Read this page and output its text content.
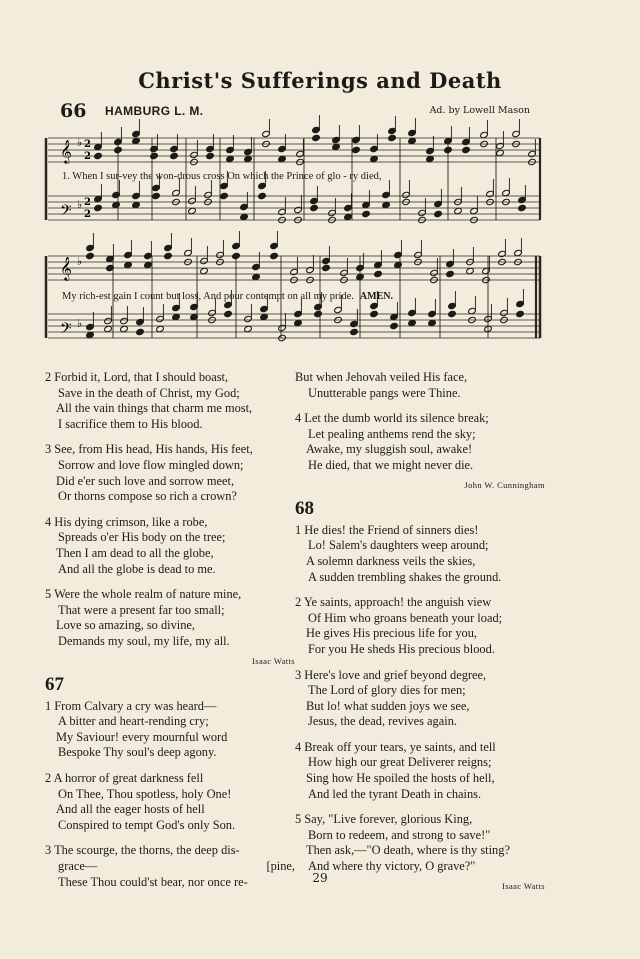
Christ's Sufferings and Death
66 HAMBURG L. M.	Ad. by Lowell Mason
𝄞
𝄢
𝄞
𝄢
♭
♭
♭
♭
2
2
2
2
1. When I sur-vey the won-drous cross On which the Prince of glo - ry died,
My rich-est gain I count but loss, And pour contempt on all my pride. AMEN.
2 Forbid it, Lord, that I should boast,
Save in the death of Christ, my God;
All the vain things that charm me most,
I sacrifice them to His blood.
3 See, from His head, His hands, His feet,
Sorrow and love flow mingled down;
Did e'er such love and sorrow meet,
Or thorns compose so rich a crown?
4 His dying crimson, like a robe,
Spreads o'er His body on the tree;
Then I am dead to all the globe,
And all the globe is dead to me.
5 Were the whole realm of nature mine,
That were a present far too small;
Love so amazing, so divine,
Demands my soul, my life, my all.
Isaac Watts
67
1 From Calvary a cry was heard—
A bitter and heart-rending cry;
My Saviour! every mournful word
Bespoke Thy soul's deep agony.
2 A horror of great darkness fell
On Thee, Thou spotless, holy One!
And all the eager hosts of hell
Conspired to tempt God's only Son.
3 The scourge, the thorns, the deep dis-
grace—	[pine,
These Thou could'st bear, nor once re-
But when Jehovah veiled His face,
Unutterable pangs were Thine.
4 Let the dumb world its silence break;
Let pealing anthems rend the sky;
Awake, my sluggish soul, awake!
He died, that we might never die.
John W. Cunningham
68
1 He dies! the Friend of sinners dies!
Lo! Salem's daughters weep around;
A solemn darkness veils the skies,
A sudden trembling shakes the ground.
2 Ye saints, approach! the anguish view
Of Him who groans beneath your load;
He gives His precious life for you,
For you He sheds His precious blood.
3 Here's love and grief beyond degree,
The Lord of glory dies for men;
But lo! what sudden joys we see,
Jesus, the dead, revives again.
4 Break off your tears, ye saints, and tell
How high our great Deliverer reigns;
Sing how He spoiled the hosts of hell,
And led the tyrant Death in chains.
5 Say, "Live forever, glorious King,
Born to redeem, and strong to save!"
Then ask,—"O death, where is thy sting?
And where thy victory, O grave?"
Isaac Watts
29
